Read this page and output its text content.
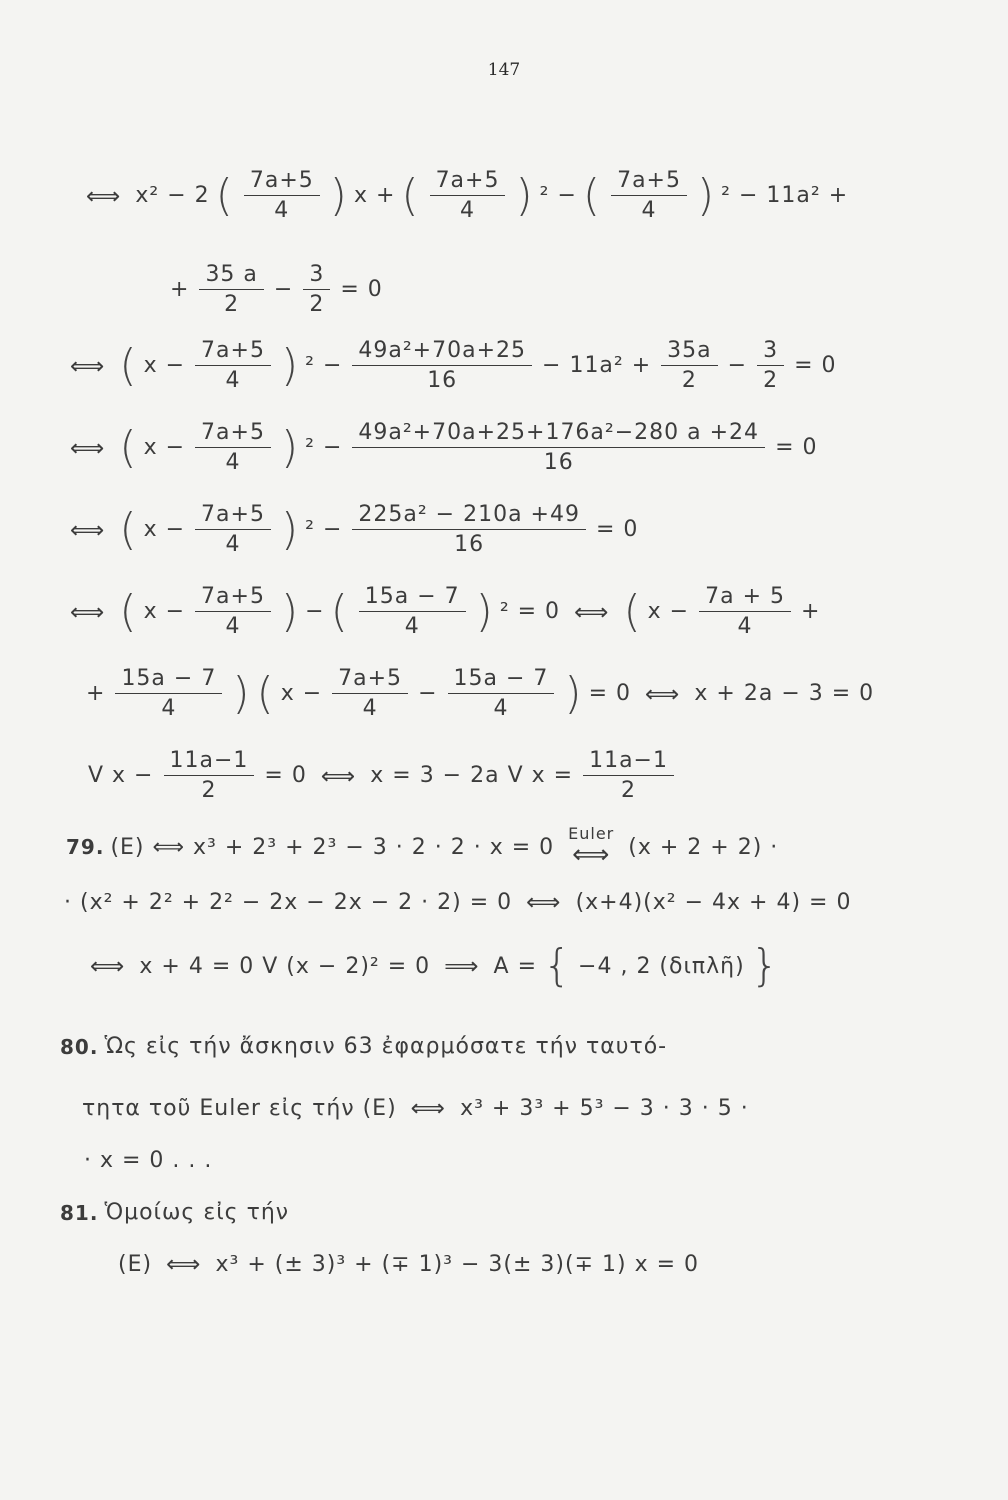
147
⟺ x² − 2 ( $\frac{7a+5}{4}$ ) x + ( $\frac{7a+5}{4}$ ) ² − ( $\frac{7a+5}{4}$ ) ² − 11a² +
+ $\frac{35 a}{2} - \frac{3}{2} = 0$
⟺ ( $x - \frac{7a+5}{4}$ ) $^2 - \frac{\text{49a²+70a+25}}{16} - 11a^2 + \frac{35a}{2} - \frac{3}{2} = 0$
⟺ ( $x - \frac{7a+5}{4}$ ) $^2 - \frac{\text{49a²+70a+25+176a²−280 a +24}}{16} = 0$
⟺ ( $x - \frac{7a+5}{4}$ ) $^2 - \frac{\text{225a² − 210a +49}}{16} = 0$
⟺ ( $x - \frac{7a+5}{4}$ ) − ( $\frac{15a - 7}{4}$ ) ² = 0 ⟺ ( $x - \frac{7a + 5}{4}$ +
+ $\frac{15a - 7}{4}$ ) ( $x - \frac{7a+5}{4} - \frac{15a - 7}{4}$ ) = 0 ⟺ x + 2a − 3 = 0
V $x - \frac{11a-1}{2} = 0$ ⟺ x = 3 − 2a V $x = \frac{11a-1}{2}$
79. (E) ⟺ x³ + 2³ + 2³ − 3 · 2 · 2 · x = 0
Euler
⟺ (x + 2 + 2) ·
· (x² + 2² + 2² − 2x − 2x − 2 · 2) = 0 ⟺ (x+4)(x² − 4x + 4) = 0
⟺ x + 4 = 0 V (x − 2)² = 0 ⟹ A = { −4 , 2 (διπλῆ) }
80. Ὡς εἰς τήν ἄσκησιν 63 ἐφαρμόσατε τήν ταυτό-
τητα τοῦ Euler εἰς τήν (E) ⟺ x³ + 3³ + 5³ − 3 · 3 · 5 ·
· x = 0 . . .
81. Ὁμοίως εἰς τήν
(E) ⟺ x³ + (± 3)³ + (∓ 1)³ − 3(± 3)(∓ 1) x = 0
